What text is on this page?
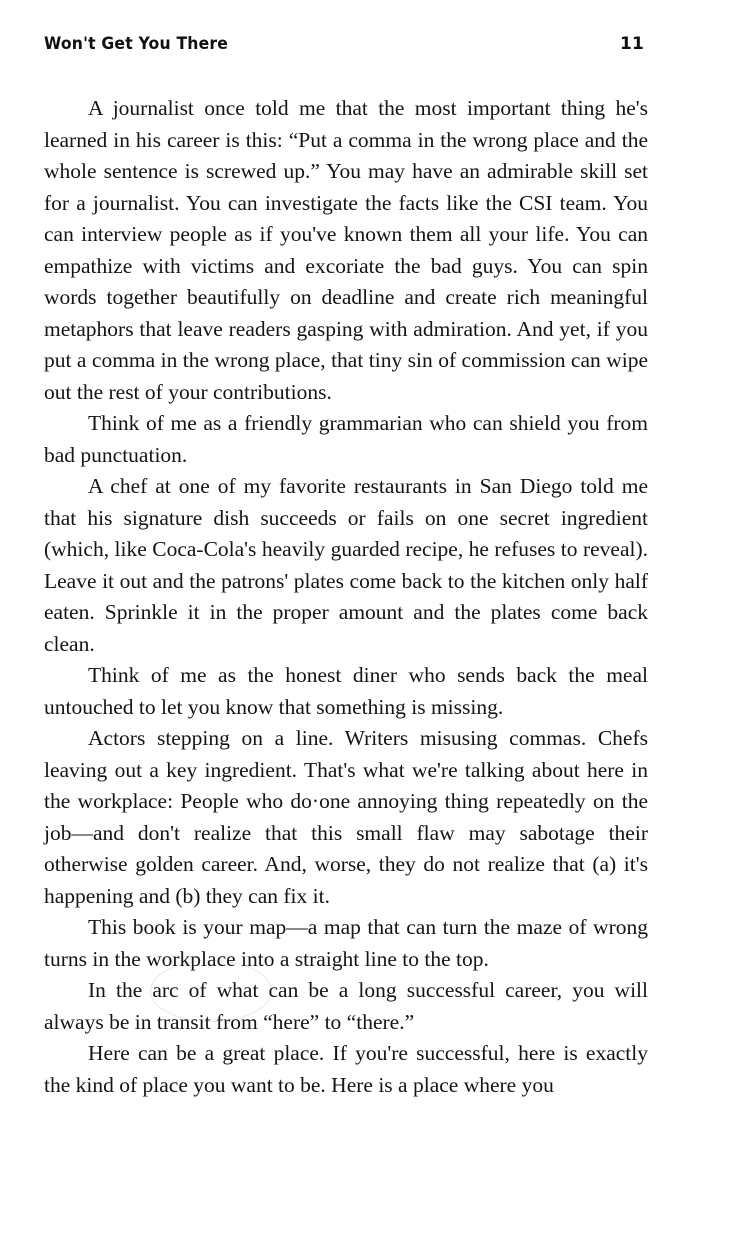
Won't Get You There	11

A journalist once told me that the most important thing he's learned in his career is this: “Put a comma in the wrong place and the whole sentence is screwed up.” You may have an admirable skill set for a journalist. You can investigate the facts like the CSI team. You can interview people as if you've known them all your life. You can empathize with victims and excoriate the bad guys. You can spin words together beautifully on deadline and create rich meaningful metaphors that leave readers gasping with admiration. And yet, if you put a comma in the wrong place, that tiny sin of commission can wipe out the rest of your contributions.

Think of me as a friendly grammarian who can shield you from bad punctuation.

A chef at one of my favorite restaurants in San Diego told me that his signature dish succeeds or fails on one secret ingredient (which, like Coca-Cola's heavily guarded recipe, he refuses to reveal). Leave it out and the patrons' plates come back to the kitchen only half eaten. Sprinkle it in the proper amount and the plates come back clean.

Think of me as the honest diner who sends back the meal untouched to let you know that something is missing.

Actors stepping on a line. Writers misusing commas. Chefs leaving out a key ingredient. That's what we're talking about here in the workplace: People who do·one annoying thing repeatedly on the job—and don't realize that this small flaw may sabotage their otherwise golden career. And, worse, they do not realize that (a) it's happening and (b) they can fix it.

This book is your map—a map that can turn the maze of wrong turns in the workplace into a straight line to the top.

In the arc of what can be a long successful career, you will always be in transit from “here” to “there.”

Here can be a great place. If you're successful, here is exactly the kind of place you want to be. Here is a place where you
